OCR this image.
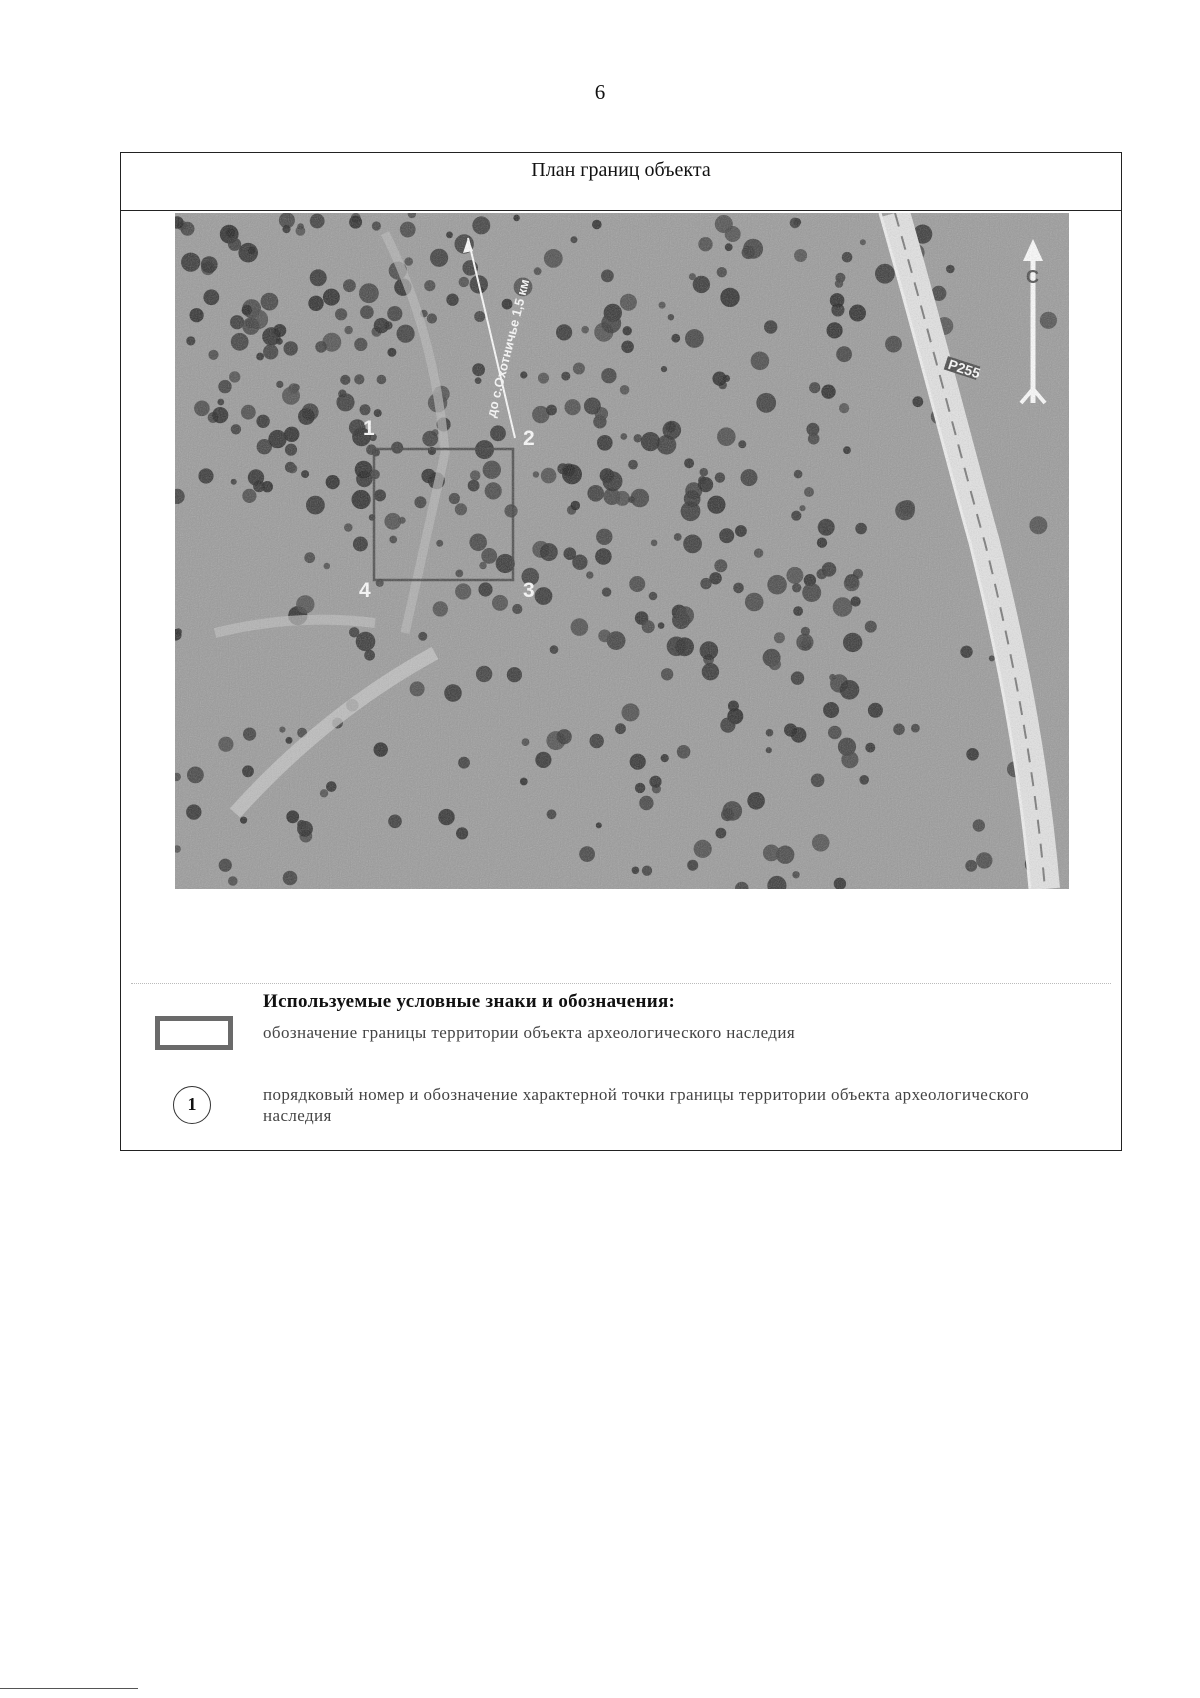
6
План границ объекта
Используемые условные знаки и обозначения:
обозначение границы территории объекта археологического наследия
1	порядковый номер и обозначение характерной точки границы территории объекта археологического наследия
